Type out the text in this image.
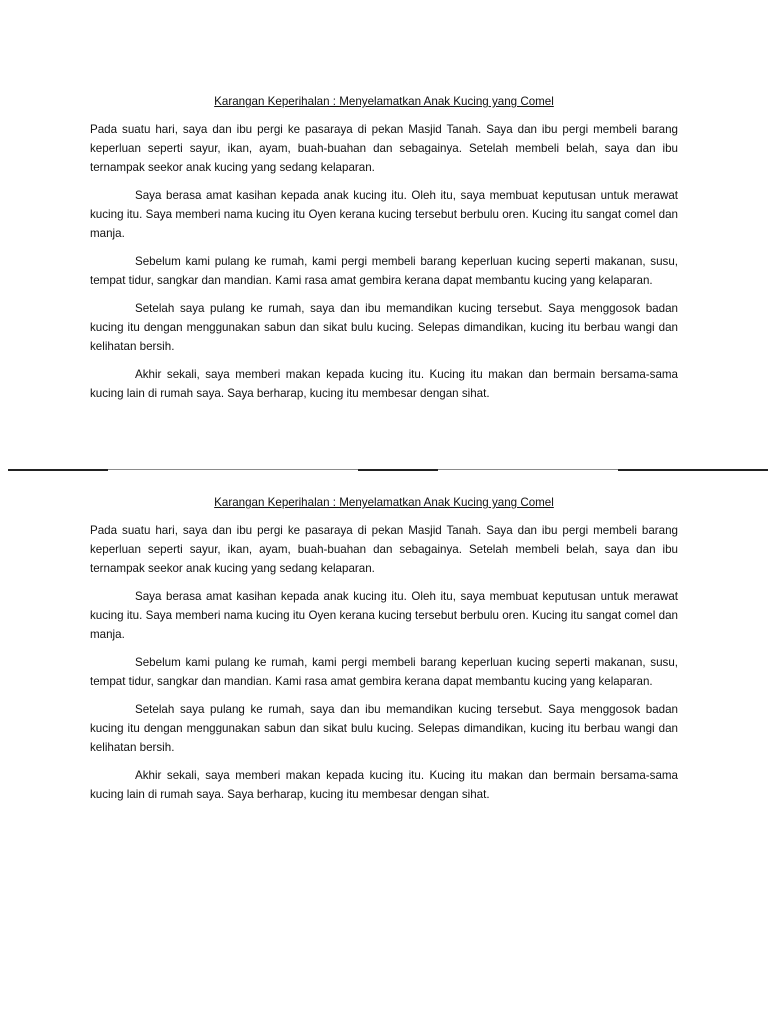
Karangan Keperihalan : Menyelamatkan Anak Kucing yang Comel

Pada suatu hari, saya dan ibu pergi ke pasaraya di pekan Masjid Tanah. Saya dan ibu pergi membeli barang keperluan seperti sayur, ikan, ayam, buah-buahan dan sebagainya. Setelah membeli belah, saya dan ibu ternampak seekor anak kucing yang sedang kelaparan.

Saya berasa amat kasihan kepada anak kucing itu. Oleh itu, saya membuat keputusan untuk merawat kucing itu. Saya memberi nama kucing itu Oyen kerana kucing tersebut berbulu oren. Kucing itu sangat comel dan manja.

Sebelum kami pulang ke rumah, kami pergi membeli barang keperluan kucing seperti makanan, susu, tempat tidur, sangkar dan mandian. Kami rasa amat gembira kerana dapat membantu kucing yang kelaparan.

Setelah saya pulang ke rumah, saya dan ibu memandikan kucing tersebut. Saya menggosok badan kucing itu dengan menggunakan sabun dan sikat bulu kucing. Selepas dimandikan, kucing itu berbau wangi dan kelihatan bersih.

Akhir sekali, saya memberi makan kepada kucing itu. Kucing itu makan dan bermain bersama-sama kucing lain di rumah saya. Saya berharap, kucing itu membesar dengan sihat.

Karangan Keperihalan : Menyelamatkan Anak Kucing yang Comel

Pada suatu hari, saya dan ibu pergi ke pasaraya di pekan Masjid Tanah. Saya dan ibu pergi membeli barang keperluan seperti sayur, ikan, ayam, buah-buahan dan sebagainya. Setelah membeli belah, saya dan ibu ternampak seekor anak kucing yang sedang kelaparan.

Saya berasa amat kasihan kepada anak kucing itu. Oleh itu, saya membuat keputusan untuk merawat kucing itu. Saya memberi nama kucing itu Oyen kerana kucing tersebut berbulu oren. Kucing itu sangat comel dan manja.

Sebelum kami pulang ke rumah, kami pergi membeli barang keperluan kucing seperti makanan, susu, tempat tidur, sangkar dan mandian. Kami rasa amat gembira kerana dapat membantu kucing yang kelaparan.

Setelah saya pulang ke rumah, saya dan ibu memandikan kucing tersebut. Saya menggosok badan kucing itu dengan menggunakan sabun dan sikat bulu kucing. Selepas dimandikan, kucing itu berbau wangi dan kelihatan bersih.

Akhir sekali, saya memberi makan kepada kucing itu. Kucing itu makan dan bermain bersama-sama kucing lain di rumah saya. Saya berharap, kucing itu membesar dengan sihat.
